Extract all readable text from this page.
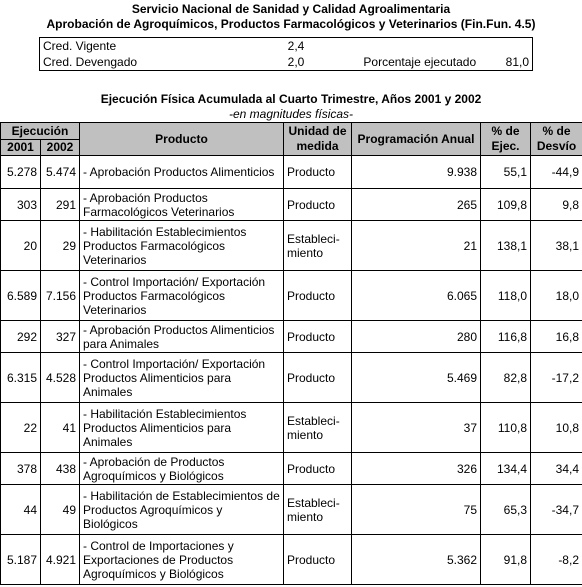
Servicio Nacional de Sanidad y Calidad Agroalimentaria
Aprobación de Agroquímicos, Productos Farmacológicos y Veterinarios (Fin.Fun. 4.5)
Cred. Vigente	2,4		
Cred. Devengado	2,0	Porcentaje ejecutado	81,0
Ejecución Física Acumulada al Cuarto Trimestre, Años 2001 y 2002
-en magnitudes físicas-
Ejecución		Producto	Unidad de medida	Programación Anual	% de Ejec.	% de Desvío
2001	2002					
5.278	5.474	- Aprobación Productos Alimenticios	Producto	9.938	55,1	-44,9
303	291	- Aprobación Productos Farmacológicos Veterinarios	Producto	265	109,8	9,8
20	29	- Habilitación Establecimientos Productos Farmacológicos Veterinarios	Estableci-miento	21	138,1	38,1
6.589	7.156	- Control Importación/ Exportación Productos Farmacológicos Veterinarios	Producto	6.065	118,0	18,0
292	327	- Aprobación Productos Alimenticios para Animales	Producto	280	116,8	16,8
6.315	4.528	- Control Importación/ Exportación Productos Alimenticios para Animales	Producto	5.469	82,8	-17,2
22	41	- Habilitación Establecimientos Productos Alimenticios para Animales	Estableci-miento	37	110,8	10,8
378	438	- Aprobación de Productos Agroquímicos y Biológicos	Producto	326	134,4	34,4
44	49	- Habilitación de Establecimientos de Productos Agroquímicos y Biológicos	Estableci-miento	75	65,3	-34,7
5.187	4.921	- Control de Importaciones y Exportaciones de Productos Agroquímicos y Biológicos	Producto	5.362	91,8	-8,2
